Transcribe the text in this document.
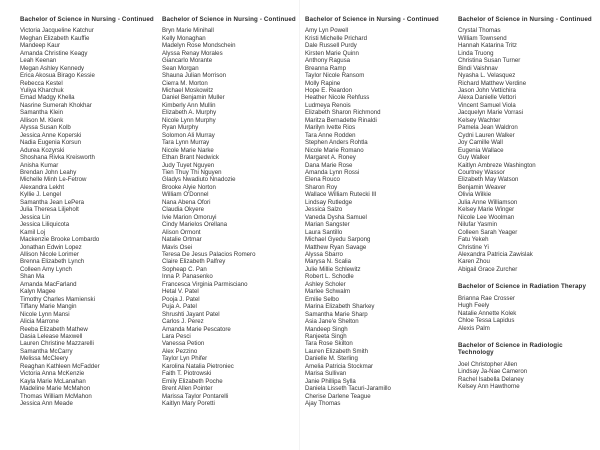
Bachelor of Science in Nursing - Continued
Victoria Jacqueline Katchur
Meghan Elizabeth Kauffie
Mandeep Kaur
Amanda Christine Keagy
Leah Keenan
Megan Ashley Kennedy
Erica Akosua Birago Kessie
Rebecca Kestel
Yuliya Kharchuk
Emad Madgy Khella
Nasrine Sumerah Khokhar
Samantha Klein
Allison M. Klenk
Alyssa Susan Kolb
Jessica Anne Koperski
Nadia Eugenia Korsun
Adurea Kozyrski
Shoshana Rivka Kreisworth
Anisha Kumar
Brendan John Leahy
Michelle Minh Le-Fetrow
Alexandra Lekht
Kyllie J. Lengel
Samantha Jean LePera
Julia Theresa Liljeholt
Jessica Lin
Jessica Liliquicota
Kamil Loj
Mackenzie Brooke Lombardo
Jonathan Edwin Lopez
Allison Nicole Lorimer
Brenna Elizabeth Lynch
Colleen Amy Lynch
Shan Ma
Amanda MacFarland
Kalyn Magee
Timothy Charles Mamienski
Tiffany Marie Mangin
Nicole Lynn Mansi
Alicia Marrone
Reeba Elizabeth Mathew
Dasia Lelease Maxwell
Lauren Christine Mazzarelli
Samantha McCarry
Melissa McCleery
Reaghan Kathleen McFadder
Victoria Anna McKenzie
Kayla Marie McLanahan
Madeline Marie McMahon
Thomas William McMahon
Jessica Ann Meade
Bachelor of Science in Nursing - Continued
Bryn Marie Minihall
Kelly Monaghan
Madelyn Rose Mondschein
Alyssa Renay Morales
Giancarlo Morante
Sean Morgan
Shauna Julian Morrison
Cierra M. Morton
Michael Moskowitz
Daniel Benjamin Muller
Kimberly Ann Mullin
Elizabeth A. Murphy
Nicole Lynn Murphy
Ryan Murphy
Solomon Ali Murray
Tara Lynn Murray
Nicole Marie Narke
Ethan Brant Nedwick
Judy Tuyet Nguyen
Tien Thuy Thi Nguyen
Gladys Nwadiuto Nnadozie
Brooke Alyie Norton
William O'Donnel
Nana Abena Ofori
Claudia Okyere
Ivie Marion Omoruyi
Cindy Marielos Orellana
Alison Ormont
Natalie Ortmar
Mavis Osei
Teresa De Jesus Palacios Romero
Claire Elizabeth Palfrey
Sopheap C. Pan
Inna P. Panasenko
Francesca Virginia Parmisciano
Hetal V. Patel
Pooja J. Patel
Puja A. Patel
Shrushti Jayant Patel
Carlos J. Perez
Amanda Marie Pescatore
Lara Pesci
Vanessa Petion
Alex Pezzino
Taylor Lyn Phifer
Karolina Natalia Pietroniec
Faith T. Piotrowski
Emily Elizabeth Poche
Brent Allen Pointer
Marissa Taylor Pontarelli
Kaitlyn Mary Poretti
Bachelor of Science in Nursing - Continued
Amy Lyn Powell
Kristi Michelle Prichard
Dale Russell Purdy
Kirsten Marie Quinn
Anthony Ragusa
Breanna Ramp
Taylor Nicole Ransom
Molly Rapine
Hope E. Reardon
Heather Nicole Rehfuss
Ludmeya Renois
Elizabeth Sharon Richmond
Maritza Bernadette Rinaldi
Marilyn Ivette Rios
Tara Anne Rodden
Stephen Anders Rohtla
Nicole Marie Romano
Margaret A. Roney
Dana Marie Rose
Amanda Lynn Rossi
Elena Rouco
Sharon Roy
Wallace William Rutecki III
Lindsay Rutledge
Jessica Salzo
Vaneda Dysha Samuel
Marian Sangster
Laura Santillo
Michael Gyedu Sarpong
Matthew Ryan Savage
Alyssa Sbarro
Marysa N. Scalia
Julie Millie Schlewitz
Robert L. Schodle
Ashley Scholer
Marlee Schwalm
Emilie Selbo
Marina Elizabeth Sharkey
Samantha Marie Sharp
Asia Jane'e Shelton
Mandeep Singh
Ranjeeta Singh
Tara Rose Skilton
Lauren Elizabeth Smith
Danielle M. Sterling
Amelia Patricia Stockmar
Marisa Sullivan
Janie Phillipa Sylla
Daniela Lisseth Tacuri-Jaramillo
Cherise Darlene Teague
Ajay Thomas
Bachelor of Science in Nursing - Continued
Crystal Thomas
William Townsend
Hannah Katarina Tritz
Linda Truong
Christina Susan Turner
Bindi Vaishnav
Nyasha L. Velasquez
Richard Matthew Verdine
Jason John Vettichira
Alexa Danielle Vettori
Vincent Samuel Viola
Jacquelyn Marie Vorrasi
Kelsey Wachter
Pamela Jean Waldron
Cydni Lauren Walker
Joy Camille Wall
Eugenia Wallace
Guy Walker
Kaitlyn Ambreze Washington
Courtney Wassor
Elizabeth May Watson
Benjamin Weaver
Olivia Wilkie
Julia Anne Williamson
Kelsey Marie Winger
Nicole Lee Woolman
Nilufar Yasmin
Colleen Sarah Yeager
Fatu Yekeh
Christine Yi
Alexandra Patricia Zawislak
Karen Zhou
Abigail Grace Zurcher
Bachelor of Science in Radiation Therapy
Brianna Rae Crosser
Hugh Feely
Natalie Annette Kolek
Chloe Tessa Lapidus
Alexis Palm
Bachelor of Science in Radiologic Technology
Joel Christopher Allen
Lindsay Ja-Nae Cameron
Rachel Isabella Delaney
Kelsey Ann Hawthorne
